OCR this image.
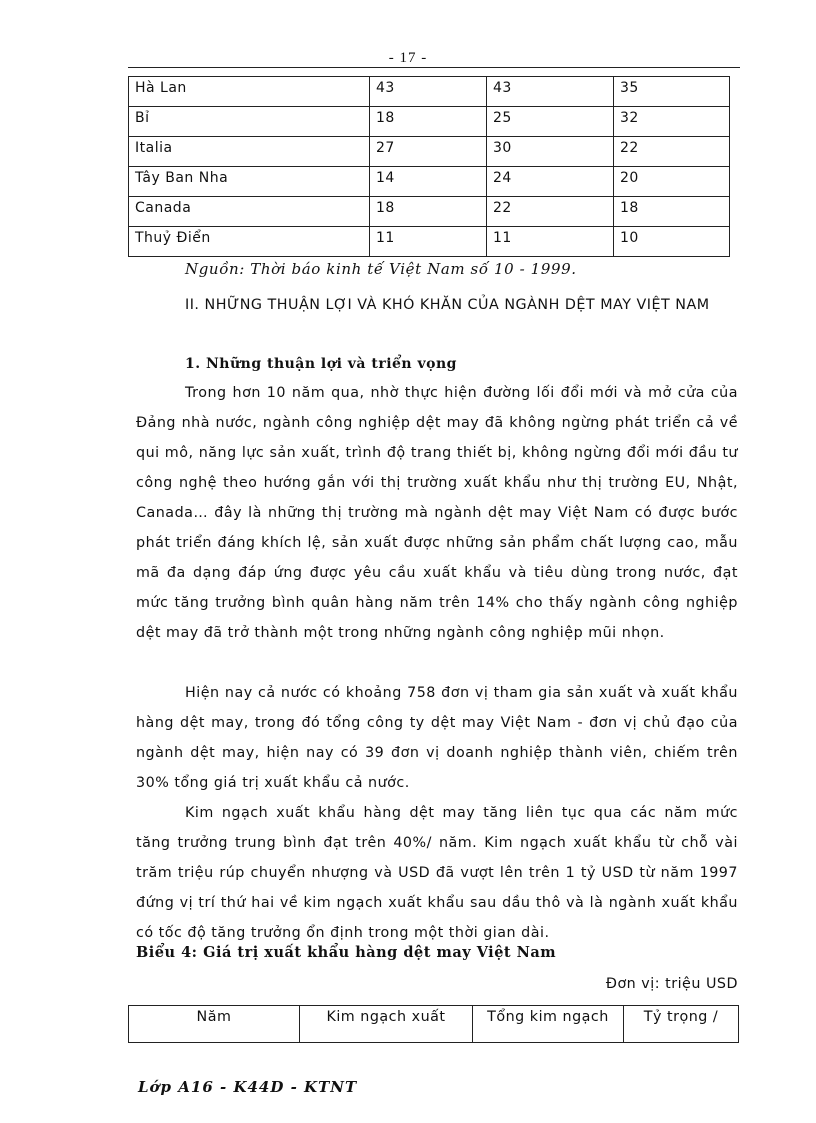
- 17 -
Hà Lan	43	43	35
Bỉ	18	25	32
Italia	27	30	22
Tây Ban Nha	14	24	20
Canada	18	22	18
Thuỷ Điển	11	11	10
Nguồn: Thời báo kinh tế Việt Nam số 10 - 1999.
II. NHỮNG THUẬN LỢI VÀ KHÓ KHĂN CỦA NGÀNH DỆT MAY VIỆT NAM
1. Những thuận lợi và triển vọng
Trong hơn 10 năm qua, nhờ thực hiện đường lối đổi mới và mở cửa của Đảng nhà nước, ngành công nghiệp dệt may đã không ngừng phát triển cả về qui mô, năng lực sản xuất, trình độ trang thiết bị, không ngừng đổi mới đầu tư công nghệ theo hướng gắn với thị trường xuất khẩu như thị trường EU, Nhật, Canada… đây là những thị trường mà ngành dệt may Việt Nam có được bước phát triển đáng khích lệ, sản xuất được những sản phẩm chất lượng cao, mẫu mã đa dạng đáp ứng được yêu cầu xuất khẩu và tiêu dùng trong nước, đạt mức tăng trưởng bình quân hàng năm trên 14% cho thấy ngành công nghiệp dệt may đã trở thành một trong những ngành công nghiệp mũi nhọn.
Hiện nay cả nước có khoảng 758 đơn vị tham gia sản xuất và xuất khẩu hàng dệt may, trong đó tổng công ty dệt may Việt Nam - đơn vị chủ đạo của ngành dệt may, hiện nay có 39 đơn vị doanh nghiệp thành viên, chiếm trên 30% tổng giá trị xuất khẩu cả nước.
Kim ngạch xuất khẩu hàng dệt may tăng liên tục qua các năm mức tăng trưởng trung bình đạt trên 40%/ năm. Kim ngạch xuất khẩu từ chỗ vài trăm triệu rúp chuyển nhượng và USD đã vượt lên trên 1 tỷ USD từ năm 1997 đứng vị trí thứ hai về kim ngạch xuất khẩu sau dầu thô và là ngành xuất khẩu có tốc độ tăng trưởng ổn định trong một thời gian dài.
Biểu 4: Giá trị xuất khẩu hàng dệt may Việt Nam
Đơn vị: triệu USD
Năm	Kim ngạch xuất	Tổng kim ngạch	Tỷ trọng /
Lớp A16 - K44D - KTNT
